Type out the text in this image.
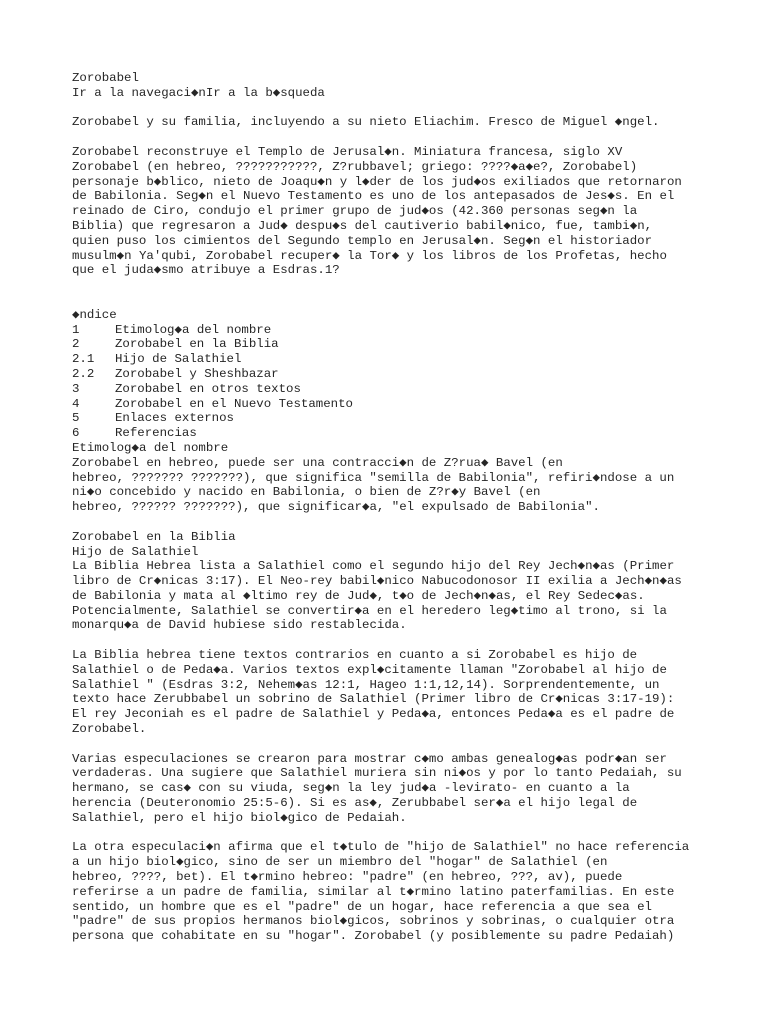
Zorobabel
Ir a la navegaci◆nIr a la b◆squeda
Zorobabel y su familia, incluyendo a su nieto Eliachim. Fresco de Miguel ◆ngel.
Zorobabel reconstruye el Templo de Jerusal◆n. Miniatura francesa, siglo XV
Zorobabel (en hebreo, ???????????, Z?rubbavel; griego: ????◆a◆e?, Zorobabel)
personaje b◆blico, nieto de Joaqu◆n y l◆der de los jud◆os exiliados que retornaron
de Babilonia. Seg◆n el Nuevo Testamento es uno de los antepasados de Jes◆s. En el
reinado de Ciro, condujo el primer grupo de jud◆os (42.360 personas seg◆n la
Biblia) que regresaron a Jud◆ despu◆s del cautiverio babil◆nico, fue, tambi◆n,
quien puso los cimientos del Segundo templo en Jerusal◆n. Seg◆n el historiador
musulm◆n Ya'qubi, Zorobabel recuper◆ la Tor◆ y los libros de los Profetas, hecho
que el juda◆smo atribuye a Esdras.1?
◆ndice
1	Etimolog◆a del nombre
2	Zorobabel en la Biblia
2.1	Hijo de Salathiel
2.2	Zorobabel y Sheshbazar
3	Zorobabel en otros textos
4	Zorobabel en el Nuevo Testamento
5	Enlaces externos
6	Referencias
Etimolog◆a del nombre
Zorobabel en hebreo, puede ser una contracci◆n de Z?rua◆ Bavel (en
hebreo, ??????? ???????), que significa "semilla de Babilonia", refiri◆ndose a un
ni◆o concebido y nacido en Babilonia, o bien de Z?r◆y Bavel (en
hebreo, ?????? ???????), que significar◆a, "el expulsado de Babilonia".
Zorobabel en la Biblia
Hijo de Salathiel
La Biblia Hebrea lista a Salathiel como el segundo hijo del Rey Jech◆n◆as (Primer
libro de Cr◆nicas 3:17). El Neo-rey babil◆nico Nabucodonosor II exilia a Jech◆n◆as
de Babilonia y mata al ◆ltimo rey de Jud◆, t◆o de Jech◆n◆as, el Rey Sedec◆as.
Potencialmente, Salathiel se convertir◆a en el heredero leg◆timo al trono, si la
monarqu◆a de David hubiese sido restablecida.
La Biblia hebrea tiene textos contrarios en cuanto a si Zorobabel es hijo de
Salathiel o de Peda◆a. Varios textos expl◆citamente llaman "Zorobabel al hijo de
Salathiel " (Esdras 3:2, Nehem◆as 12:1, Hageo 1:1,12,14). Sorprendentemente, un
texto hace Zerubbabel un sobrino de Salathiel (Primer libro de Cr◆nicas 3:17-19):
El rey Jeconiah es el padre de Salathiel y Peda◆a, entonces Peda◆a es el padre de
Zorobabel.
Varias especulaciones se crearon para mostrar c◆mo ambas genealog◆as podr◆an ser
verdaderas. Una sugiere que Salathiel muriera sin ni◆os y por lo tanto Pedaiah, su
hermano, se cas◆ con su viuda, seg◆n la ley jud◆a -levirato- en cuanto a la
herencia (Deuteronomio 25:5-6). Si es as◆, Zerubbabel ser◆a el hijo legal de
Salathiel, pero el hijo biol◆gico de Pedaiah.
La otra especulaci◆n afirma que el t◆tulo de "hijo de Salathiel" no hace referencia
a un hijo biol◆gico, sino de ser un miembro del "hogar" de Salathiel (en
hebreo, ????, bet). El t◆rmino hebreo: "padre" (en hebreo, ???, av), puede
referirse a un padre de familia, similar al t◆rmino latino paterfamilias. En este
sentido, un hombre que es el "padre" de un hogar, hace referencia a que sea el
"padre" de sus propios hermanos biol◆gicos, sobrinos y sobrinas, o cualquier otra
persona que cohabitate en su "hogar". Zorobabel (y posiblemente su padre Pedaiah)
